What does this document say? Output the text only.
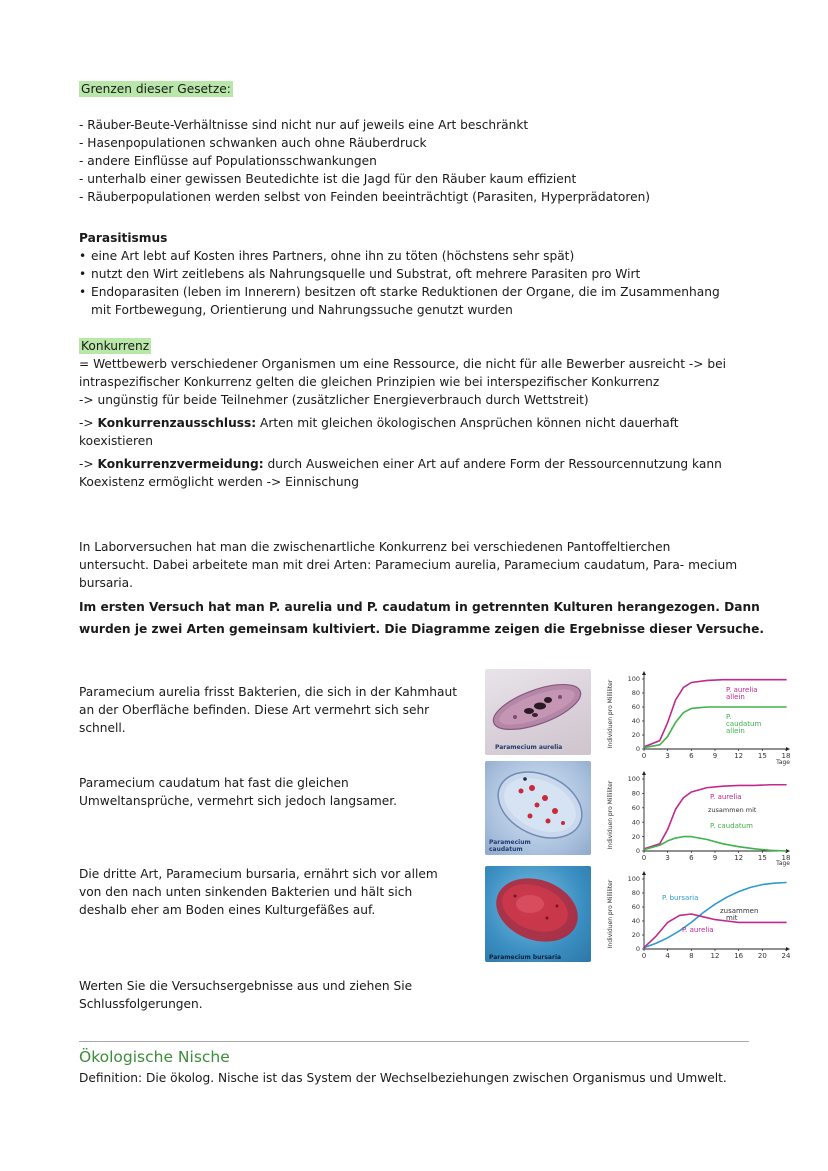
Grenzen dieser Gesetze:
- Räuber-Beute-Verhältnisse sind nicht nur auf jeweils eine Art beschränkt
- Hasenpopulationen schwanken auch ohne Räuberdruck
- andere Einflüsse auf Populationsschwankungen
- unterhalb einer gewissen Beutedichte ist die Jagd für den Räuber kaum effizient
- Räuberpopulationen werden selbst von Feinden beeinträchtigt (Parasiten, Hyperprädatoren)
Parasitismus
• eine Art lebt auf Kosten ihres Partners, ohne ihn zu töten (höchstens sehr spät)
• nutzt den Wirt zeitlebens als Nahrungsquelle und Substrat, oft mehrere Parasiten pro Wirt
• Endoparasiten (leben im Innerern) besitzen oft starke Reduktionen der Organe, die im Zusammenhang
mit Fortbewegung, Orientierung und Nahrungssuche genutzt wurden
Konkurrenz
= Wettbewerb verschiedener Organismen um eine Ressource, die nicht für alle Bewerber ausreicht -> bei
intraspezifischer Konkurrenz gelten die gleichen Prinzipien wie bei interspezifischer Konkurrenz
-> ungünstig für beide Teilnehmer (zusätzlicher Energieverbrauch durch Wettstreit)
-> Konkurrenzausschluss: Arten mit gleichen ökologischen Ansprüchen können nicht dauerhaft
koexistieren
-> Konkurrenzvermeidung: durch Ausweichen einer Art auf andere Form der Ressourcennutzung kann
Koexistenz ermöglicht werden -> Einnischung
In Laborversuchen hat man die zwischenartliche Konkurrenz bei verschiedenen Pantoffeltierchen
untersucht. Dabei arbeitete man mit drei Arten: Paramecium aurelia, Paramecium caudatum, Para- mecium
bursaria.
Im ersten Versuch hat man P. aurelia und P. caudatum in getrennten Kulturen herangezogen. Dann
wurden je zwei Arten gemeinsam kultiviert. Die Diagramme zeigen die Ergebnisse dieser Versuche.
Paramecium aurelia frisst Bakterien, die sich in der Kahmhaut
an der Oberfläche befinden. Diese Art vermehrt sich sehr
schnell.
Paramecium caudatum hat fast die gleichen
Umweltansprüche, vermehrt sich jedoch langsamer.
Die dritte Art, Paramecium bursaria, ernährt sich vor allem
von den nach unten sinkenden Bakterien und hält sich
deshalb eher am Boden eines Kulturgefäßes auf.
Werten Sie die Versuchsergebnisse aus und ziehen Sie
Schlussfolgerungen.
Paramecium aurelia
Paramecium
caudatum
Paramecium bursaria
Individuen pro Milliliter
0
20
40
60
80
100
0	3	6	9 12 15 18
Tage
P. aurelia
allein
P.
caudatum
allein
Individuen pro Milliliter
0
20
40
60
80
100
0	3	6	9 12 15 18
Tage
P. aurelia
P. caudatum
zusammen mit
Individuen pro Milliliter
0
20
40
60
80
100
0	4	8 12 16 20 24
P. bursaria
P. aurelia
zusammen
mit
Ökologische Nische
Definition: Die ökolog. Nische ist das System der Wechselbeziehungen zwischen Organismus und Umwelt.
